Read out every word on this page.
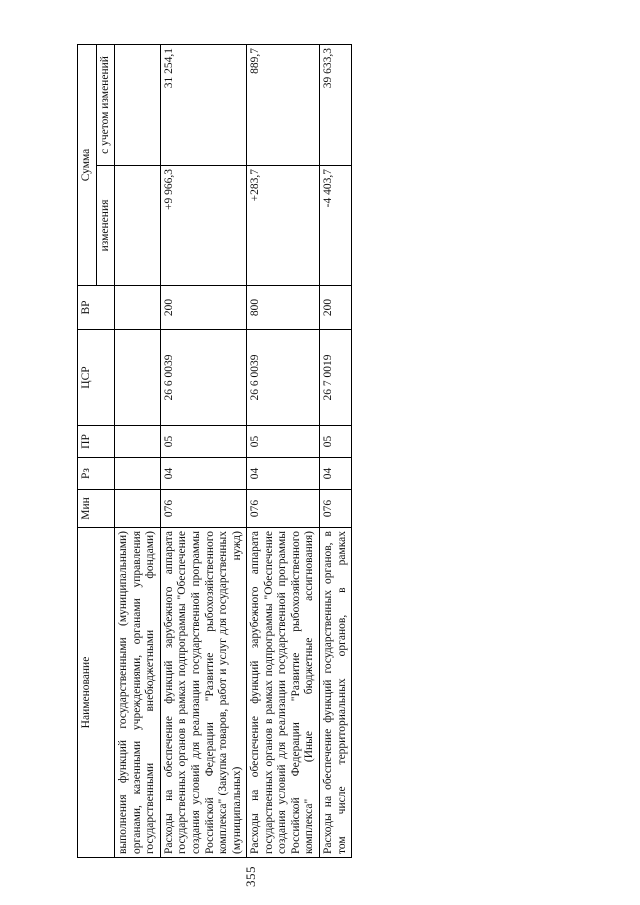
355
Наименование	Мин	Рз	ПР	ЦСР	ВР	Сумма	
						изменения	с учетом изменений
выполнения функций государственными (муниципальными) органами, казенными учреждениями, органами управления государственными внебюджетными фондами)							
Расходы на обеспечение функций зарубежного аппарата государственных органов в рамках подпрограммы "Обеспечение создания условий для реализации государственной программы Российской Федерации "Развитие рыбохозяйственного комплекса" (Закупка товаров, работ и услуг для государственных (муниципальных) нужд)	076	04	05	26 6 0039	200	+9 966,3	31 254,1
Расходы на обеспечение функций зарубежного аппарата государственных органов в рамках подпрограммы "Обеспечение создания условий для реализации государственной программы Российской Федерации "Развитие рыбохозяйственного комплекса" (Иные бюджетные ассигнования)	076	04	05	26 6 0039	800	+283,7	889,7
Расходы на обеспечение функций государственных органов, в том числе территориальных органов, в рамках	076	04	05	26 7 0019	200	-4 403,7	39 633,3
